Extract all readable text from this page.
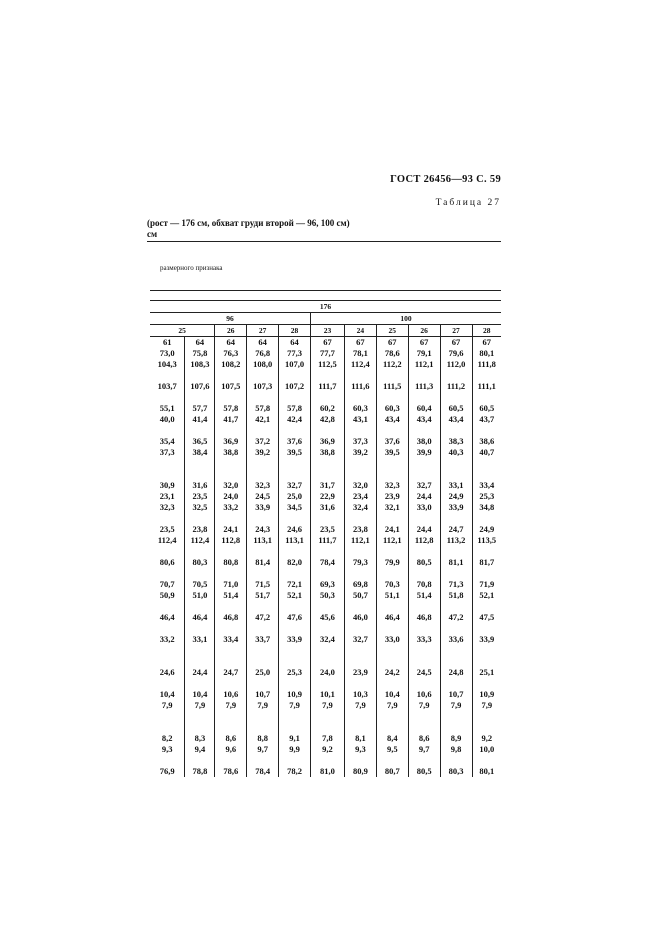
ГОСТ 26456—93 С. 59
Таблица 27
(рост — 176 см, обхват груди второй — 96, 100 см)
см
размерного признака
176										
96					100					
25		26	27	28	23	24	25	26	27	28
61	64	64	64	64	67	67	67	67	67	67
73,0	75,8	76,3	76,8	77,3	77,7	78,1	78,6	79,1	79,6	80,1
104,3	108,3	108,2	108,0	107,0	112,5	112,4	112,2	112,1	112,0	111,8

103,7	107,6	107,5	107,3	107,2	111,7	111,6	111,5	111,3	111,2	111,1

55,1	57,7	57,8	57,8	57,8	60,2	60,3	60,3	60,4	60,5	60,5
40,0	41,4	41,7	42,1	42,4	42,8	43,1	43,4	43,4	43,4	43,7

35,4	36,5	36,9	37,2	37,6	36,9	37,3	37,6	38,0	38,3	38,6
37,3	38,4	38,8	39,2	39,5	38,8	39,2	39,5	39,9	40,3	40,7

30,9	31,6	32,0	32,3	32,7	31,7	32,0	32,3	32,7	33,1	33,4
23,1	23,5	24,0	24,5	25,0	22,9	23,4	23,9	24,4	24,9	25,3
32,3	32,5	33,2	33,9	34,5	31,6	32,4	32,1	33,0	33,9	34,8

23,5	23,8	24,1	24,3	24,6	23,5	23,8	24,1	24,4	24,7	24,9
112,4	112,4	112,8	113,1	113,1	111,7	112,1	112,1	112,8	113,2	113,5

80,6	80,3	80,8	81,4	82,0	78,4	79,3	79,9	80,5	81,1	81,7

70,7	70,5	71,0	71,5	72,1	69,3	69,8	70,3	70,8	71,3	71,9
50,9	51,0	51,4	51,7	52,1	50,3	50,7	51,1	51,4	51,8	52,1

46,4	46,4	46,8	47,2	47,6	45,6	46,0	46,4	46,8	47,2	47,5

33,2	33,1	33,4	33,7	33,9	32,4	32,7	33,0	33,3	33,6	33,9

24,6	24,4	24,7	25,0	25,3	24,0	23,9	24,2	24,5	24,8	25,1

10,4	10,4	10,6	10,7	10,9	10,1	10,3	10,4	10,6	10,7	10,9
7,9	7,9	7,9	7,9	7,9	7,9	7,9	7,9	7,9	7,9	7,9

8,2	8,3	8,6	8,8	9,1	7,8	8,1	8,4	8,6	8,9	9,2
9,3	9,4	9,6	9,7	9,9	9,2	9,3	9,5	9,7	9,8	10,0

76,9	78,8	78,6	78,4	78,2	81,0	80,9	80,7	80,5	80,3	80,1
